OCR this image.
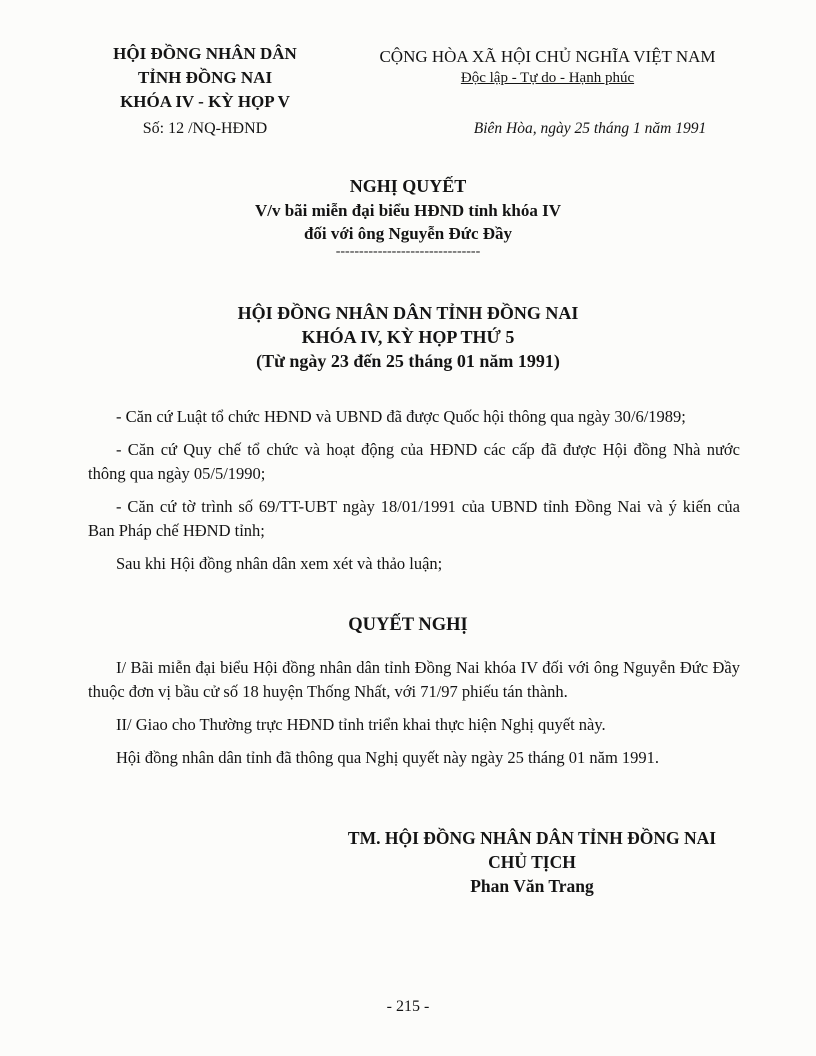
HỘI ĐỒNG NHÂN DÂN
TỈNH ĐỒNG NAI
KHÓA IV - KỲ HỌP V
Số: 12 /NQ-HĐND
CỘNG HÒA XÃ HỘI CHỦ NGHĨA VIỆT NAM
Độc lập - Tự do - Hạnh phúc
Biên Hòa, ngày 25 tháng 1 năm 1991
NGHỊ QUYẾT
V/v bãi miễn đại biểu HĐND tỉnh khóa IV
đối với ông Nguyễn Đức Đầy
-------------------------------
HỘI ĐỒNG NHÂN DÂN TỈNH ĐỒNG NAI
KHÓA IV, KỲ HỌP THỨ 5
(Từ ngày 23 đến 25 tháng 01 năm 1991)

- Căn cứ Luật tổ chức HĐND và UBND đã được Quốc hội thông qua ngày 30/6/1989;

- Căn cứ Quy chế tổ chức và hoạt động của HĐND các cấp đã được Hội đồng Nhà nước thông qua ngày 05/5/1990;

- Căn cứ tờ trình số 69/TT-UBT ngày 18/01/1991 của UBND tỉnh Đồng Nai và ý kiến của Ban Pháp chế HĐND tỉnh;

Sau khi Hội đồng nhân dân xem xét và thảo luận;

QUYẾT NGHỊ

I/ Bãi miễn đại biểu Hội đồng nhân dân tỉnh Đồng Nai khóa IV đối với ông Nguyễn Đức Đầy thuộc đơn vị bầu cử số 18 huyện Thống Nhất, với 71/97 phiếu tán thành.

II/ Giao cho Thường trực HĐND tỉnh triển khai thực hiện Nghị quyết này.

Hội đồng nhân dân tỉnh đã thông qua Nghị quyết này ngày 25 tháng 01 năm 1991.

TM. HỘI ĐỒNG NHÂN DÂN TỈNH ĐỒNG NAI
CHỦ TỊCH
Phan Văn Trang
- 215 -
